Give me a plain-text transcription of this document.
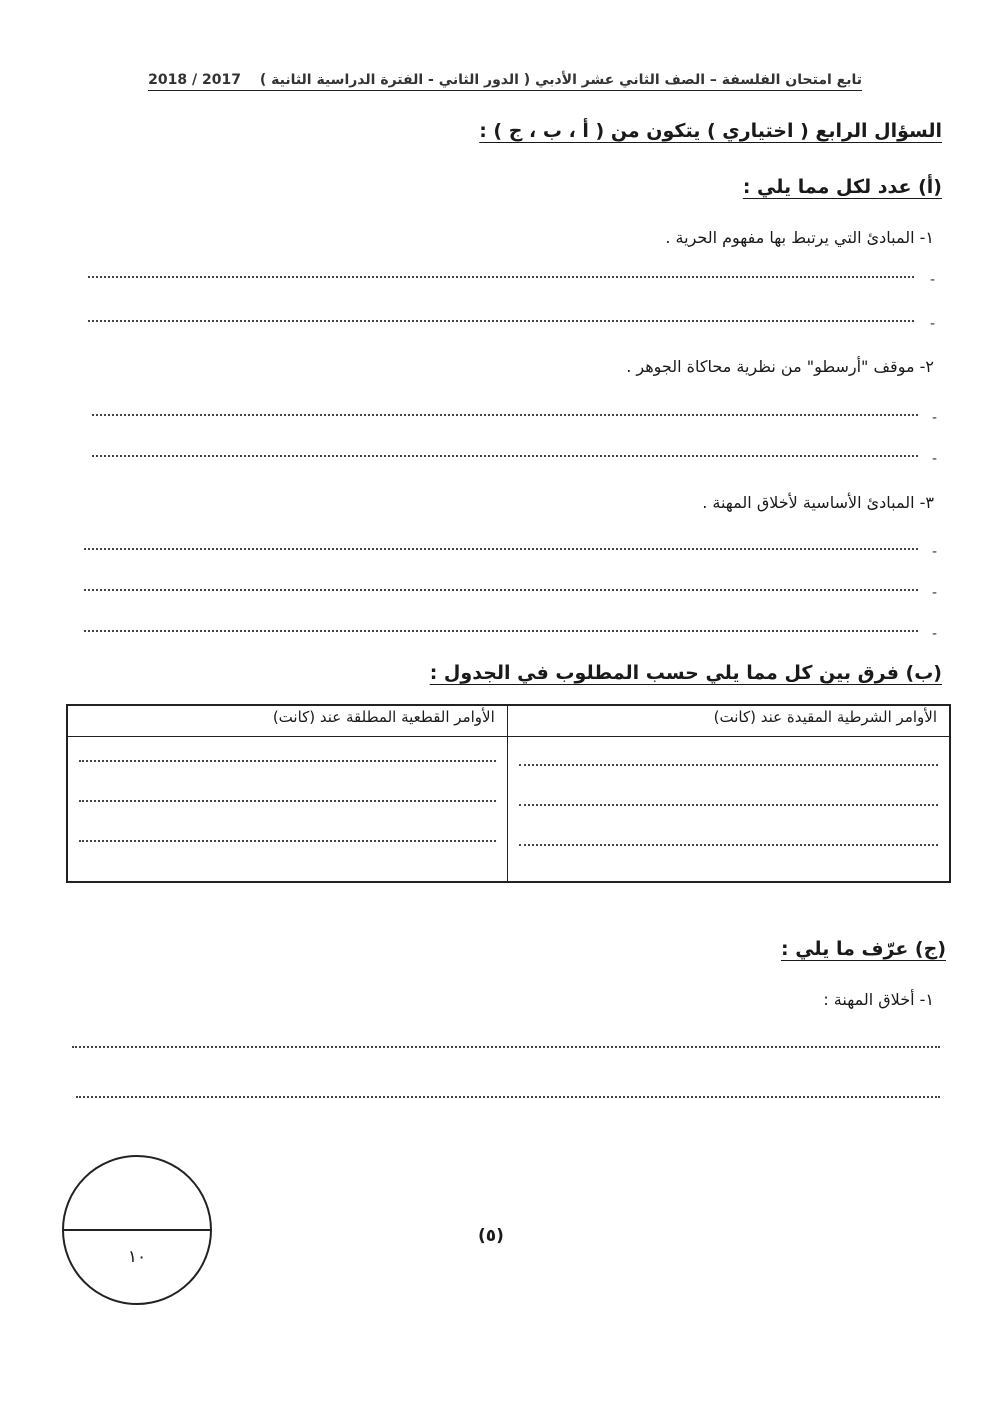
تابع امتحان الفلسفة – الصف الثاني عشر الأدبي ( الدور الثاني - الفترة الدراسية الثانية ) 2017 / 2018
السؤال الرابع ( اختياري ) يتكون من ( أ ، ب ، ج ) :
(أ) عدد لكل مما يلي :
١- المبادئ التي يرتبط بها مفهوم الحرية .
-
-
٢- موقف "أرسطو" من نظرية محاكاة الجوهر .
-
-
٣- المبادئ الأساسية لأخلاق المهنة .
-
-
-
(ب) فرق بين كل مما يلي حسب المطلوب في الجدول :
الأوامر الشرطية المقيدة عند (كانت)	الأوامر القطعية المطلقة عند (كانت)

(ج) عرّف ما يلي :
١- أخلاق المهنة :
(٥)
١٠
